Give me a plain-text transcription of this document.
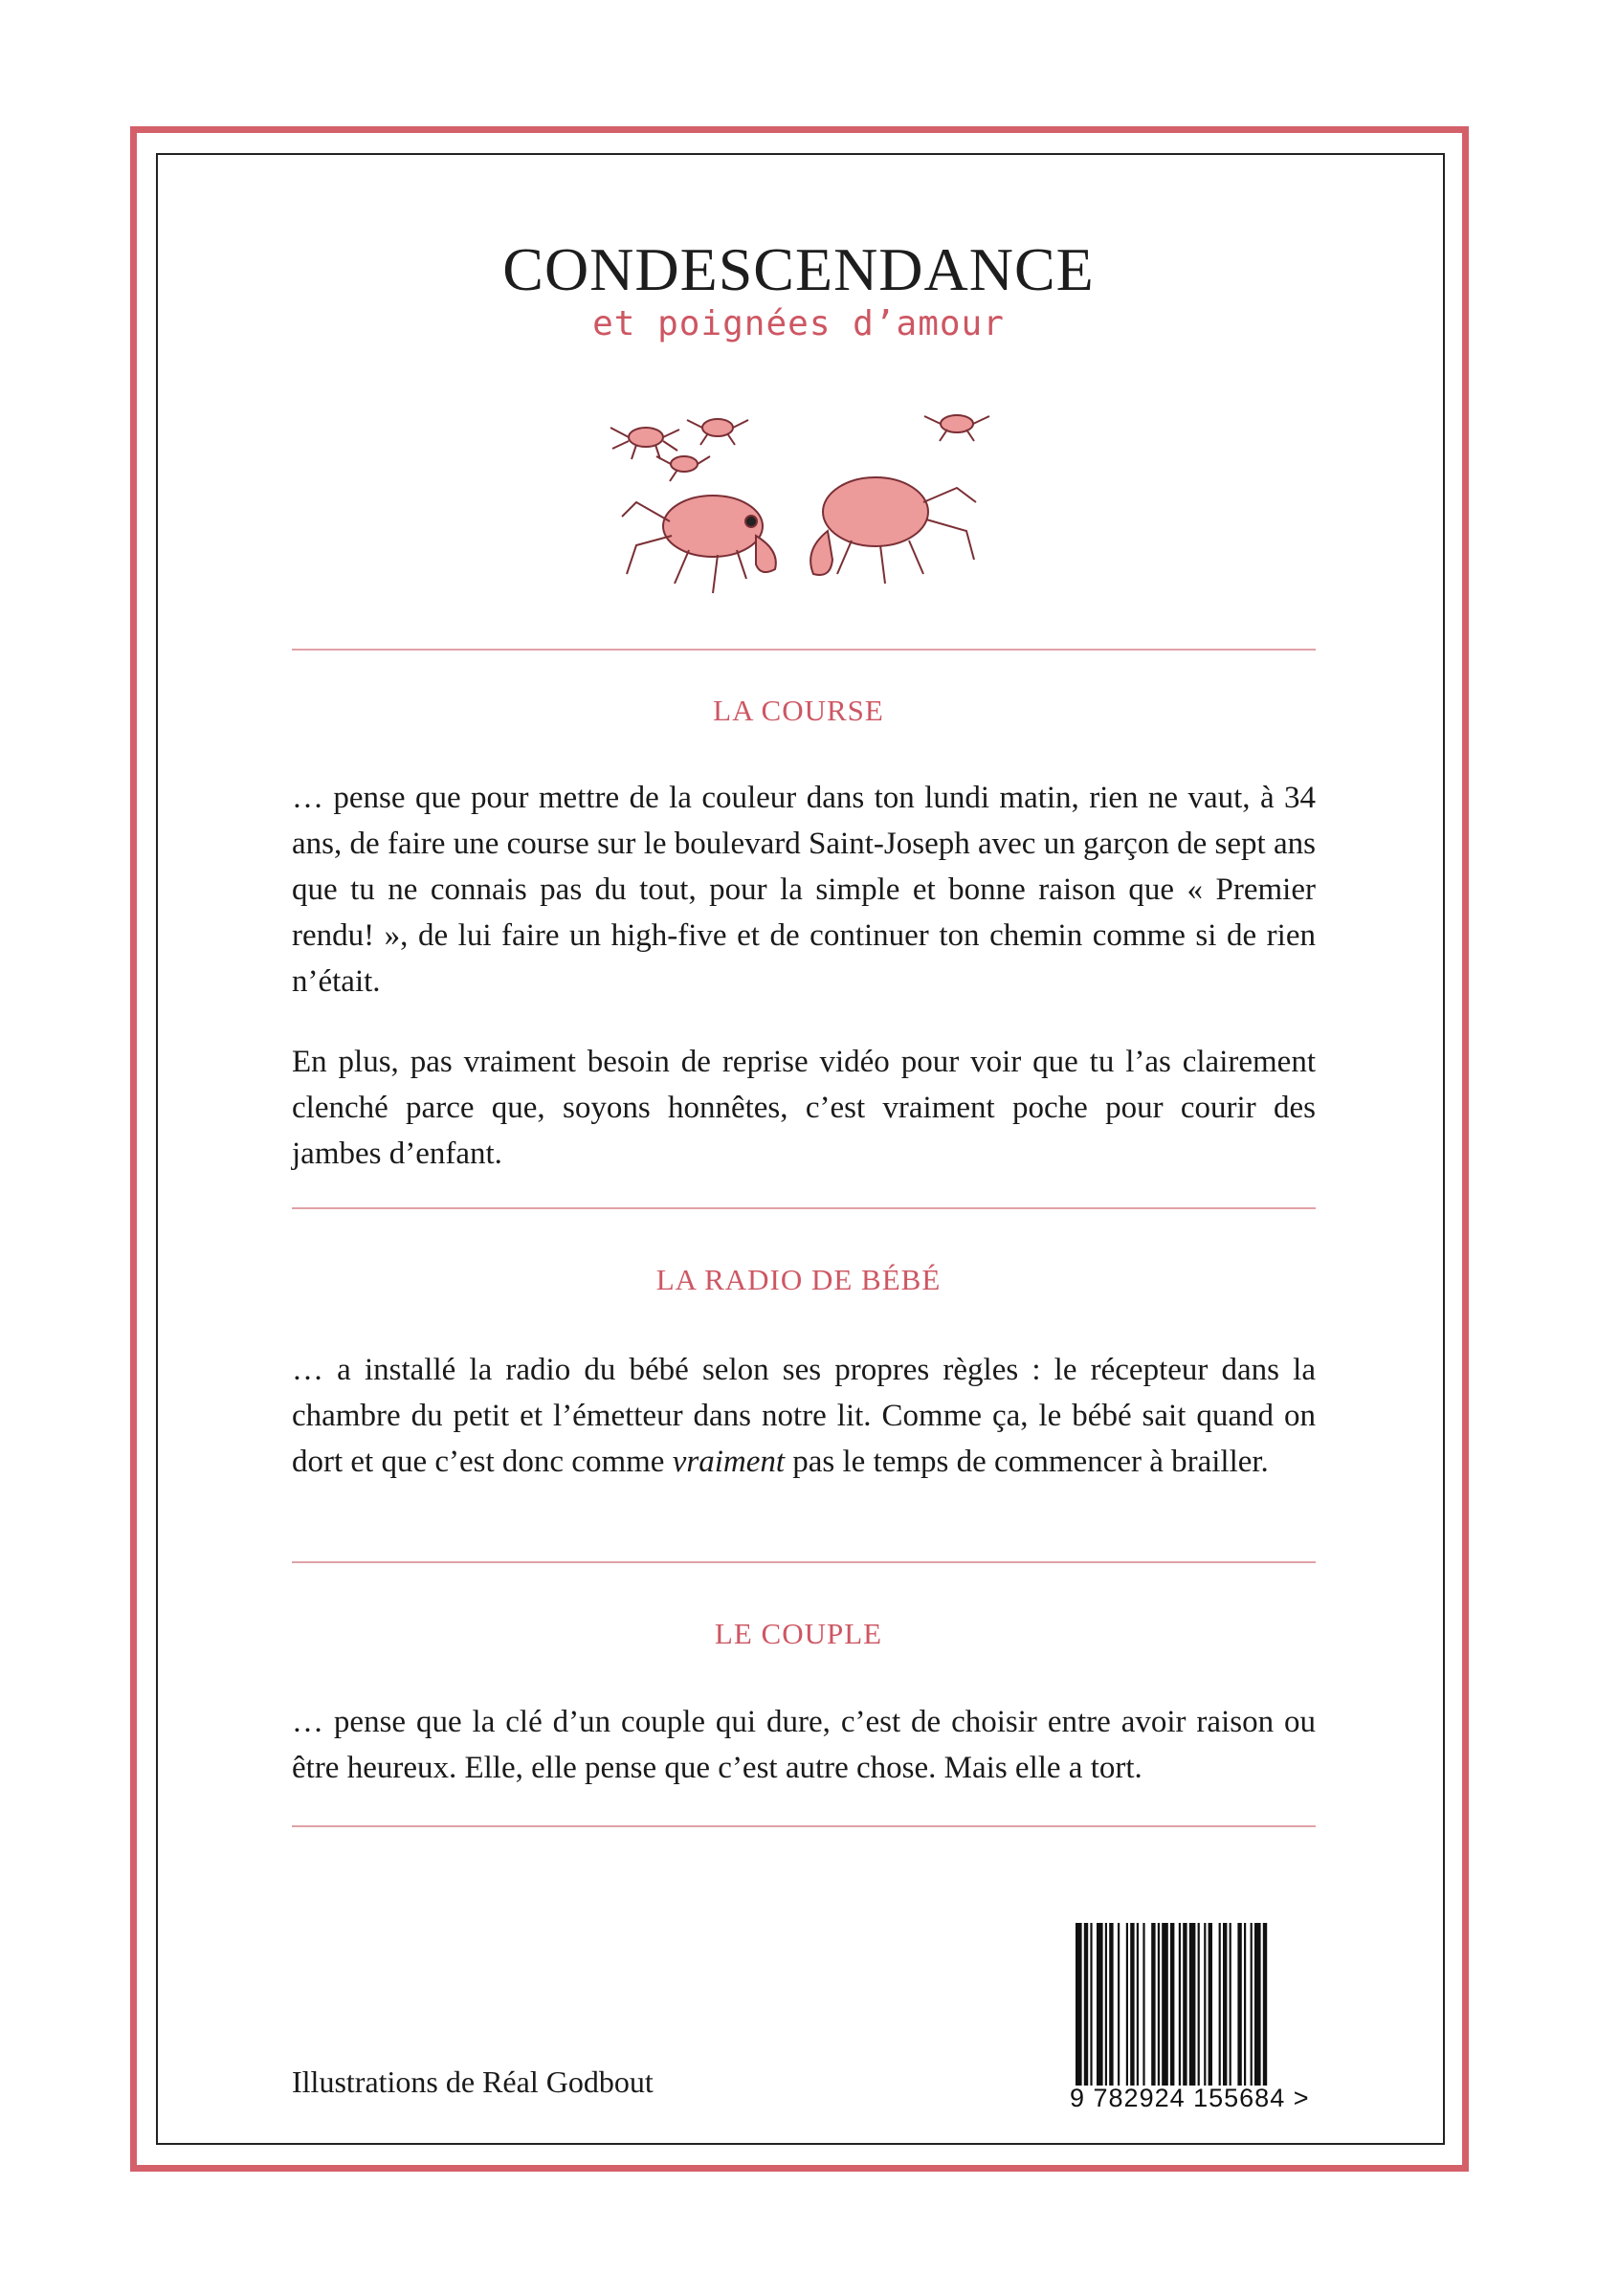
CONDESCENDANCE
et poignées d’amour
LA COURSE

… pense que pour mettre de la couleur dans ton lundi matin, rien ne vaut, à 34 ans, de faire une course sur le boulevard Saint-Joseph avec un garçon de sept ans que tu ne connais pas du tout, pour la simple et bonne raison que « Premier rendu! », de lui faire un high-five et de continuer ton chemin comme si de rien n’était.

En plus, pas vraiment besoin de reprise vidéo pour voir que tu l’as clairement clenché parce que, soyons honnêtes, c’est vraiment poche pour courir des jambes d’enfant.

LA RADIO DE BÉBÉ

… a installé la radio du bébé selon ses propres règles : le récepteur dans la chambre du petit et l’émetteur dans notre lit. Comme ça, le bébé sait quand on dort et que c’est donc comme vraiment pas le temps de commencer à brailler.

LE COUPLE

… pense que la clé d’un couple qui dure, c’est de choisir entre avoir raison ou être heureux. Elle, elle pense que c’est autre chose. Mais elle a tort.

Illustrations de Réal Godbout	9 782924 155684 >
